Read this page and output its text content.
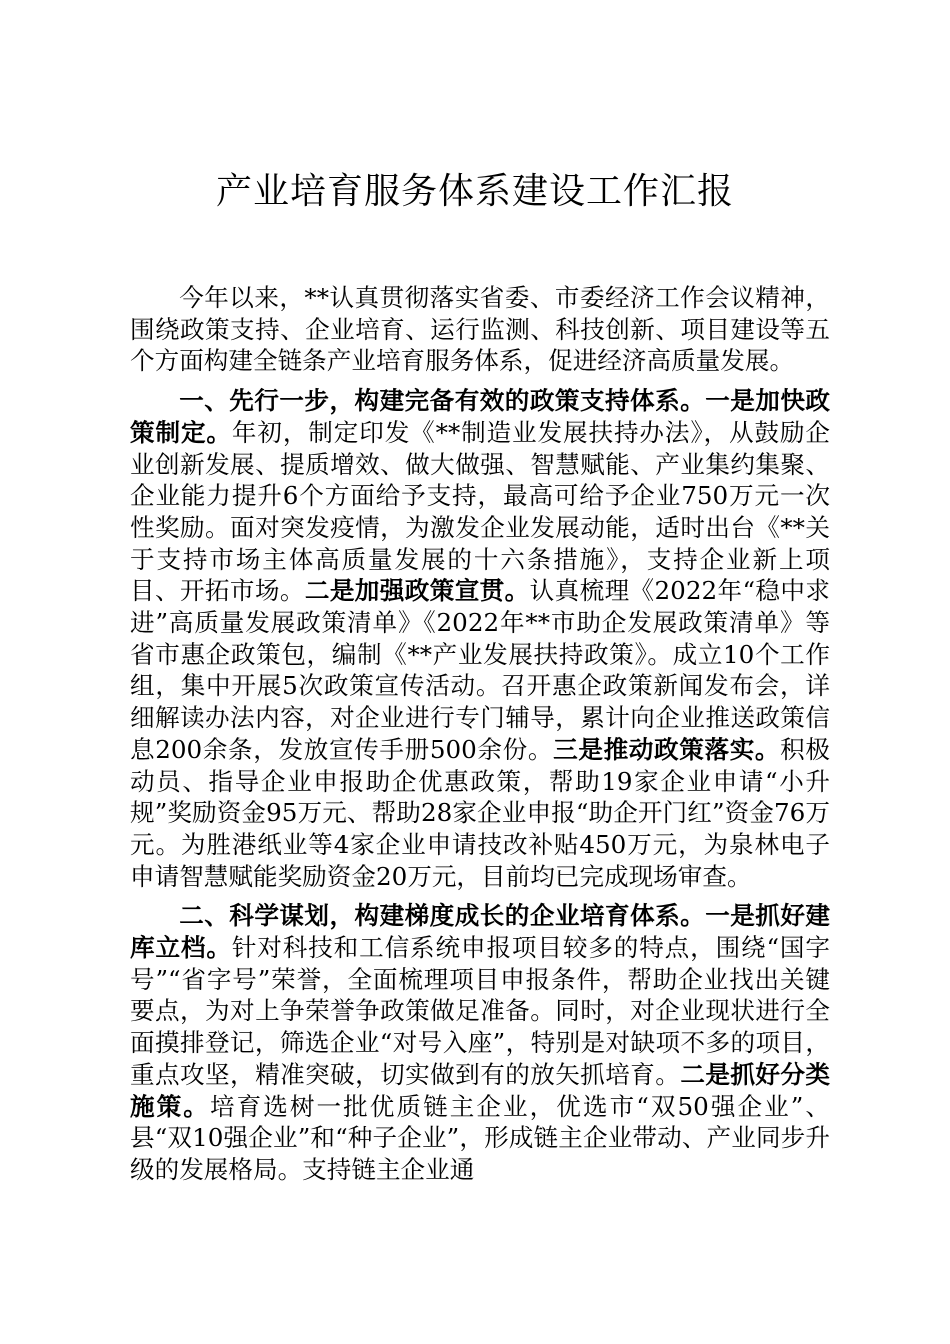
产业培育服务体系建设工作汇报

今年以来，**认真贯彻落实省委、市委经济工作会议精神，围绕政策支持、企业培育、运行监测、科技创新、项目建设等五个方面构建全链条产业培育服务体系，促进经济高质量发展。

一、先行一步，构建完备有效的政策支持体系。一是加快政策制定。年初，制定印发《**制造业发展扶持办法》，从鼓励企业创新发展、提质增效、做大做强、智慧赋能、产业集约集聚、企业能力提升6个方面给予支持，最高可给予企业750万元一次性奖励。面对突发疫情，为激发企业发展动能，适时出台《**关于支持市场主体高质量发展的十六条措施》，支持企业新上项目、开拓市场。二是加强政策宣贯。认真梳理《2022年“稳中求进”高质量发展政策清单》《2022年**市助企发展政策清单》等省市惠企政策包，编制《**产业发展扶持政策》。成立10个工作组，集中开展5次政策宣传活动。召开惠企政策新闻发布会，详细解读办法内容，对企业进行专门辅导，累计向企业推送政策信息200余条，发放宣传手册500余份。三是推动政策落实。积极动员、指导企业申报助企优惠政策，帮助19家企业申请“小升规”奖励资金95万元、帮助28家企业申报“助企开门红”资金76万元。为胜港纸业等4家企业申请技改补贴450万元，为泉林电子申请智慧赋能奖励资金20万元，目前均已完成现场审查。

二、科学谋划，构建梯度成长的企业培育体系。一是抓好建库立档。针对科技和工信系统申报项目较多的特点，围绕“国字号”“省字号”荣誉，全面梳理项目申报条件，帮助企业找出关键要点，为对上争荣誉争政策做足准备。同时，对企业现状进行全面摸排登记，筛选企业“对号入座”，特别是对缺项不多的项目，重点攻坚，精准突破，切实做到有的放矢抓培育。二是抓好分类施策。培育选树一批优质链主企业，优选市“双50强企业”、县“双10强企业”和“种子企业”，形成链主企业带动、产业同步升级的发展格局。支持链主企业通
